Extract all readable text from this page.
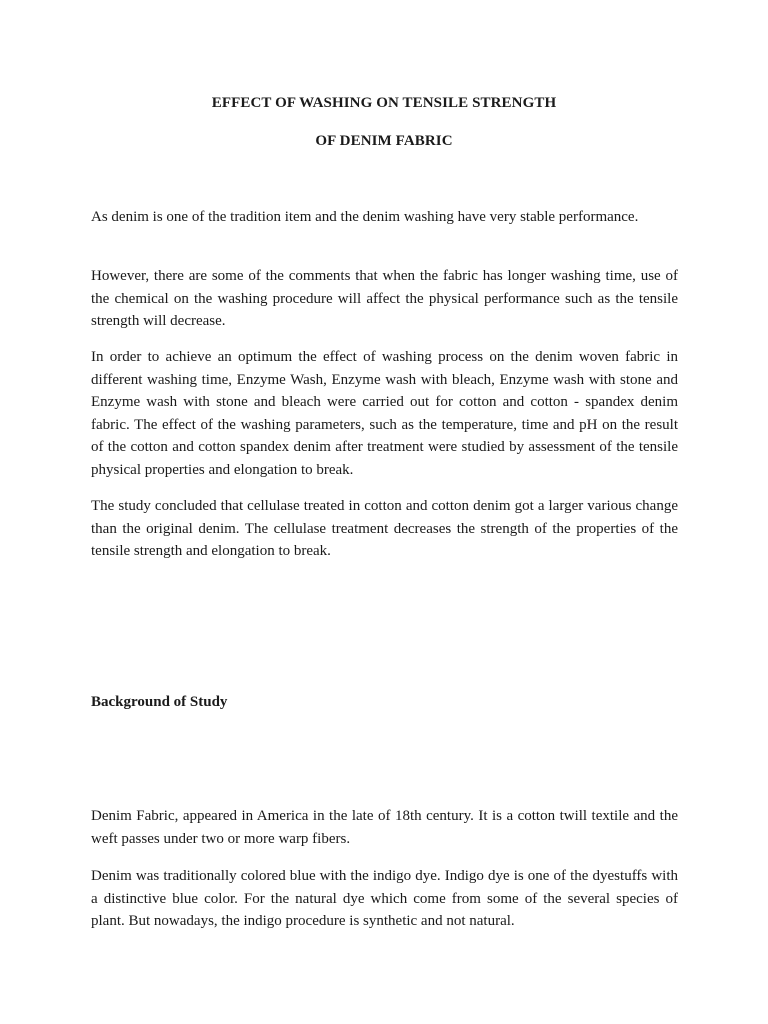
EFFECT OF WASHING ON TENSILE STRENGTH
OF DENIM FABRIC

As denim is one of the tradition item and the denim washing have very stable performance.

However, there are some of the comments that when the fabric has longer washing time, use of the chemical on the washing procedure will affect the physical performance such as the tensile strength will decrease.

In order to achieve an optimum the effect of washing process on the denim woven fabric in different washing time, Enzyme Wash, Enzyme wash with bleach, Enzyme wash with stone and Enzyme wash with stone and bleach were carried out for cotton and cotton - spandex denim fabric. The effect of the washing parameters, such as the temperature, time and pH on the result of the cotton and cotton spandex denim after treatment were studied by assessment of the tensile physical properties and elongation to break.

The study concluded that cellulase treated in cotton and cotton denim got a larger various change than the original denim. The cellulase treatment decreases the strength of the properties of the tensile strength and elongation to break.

Background of Study

Denim Fabric, appeared in America in the late of 18th century. It is a cotton twill textile and the weft passes under two or more warp fibers.

Denim was traditionally colored blue with the indigo dye. Indigo dye is one of the dyestuffs with a distinctive blue color. For the natural dye which come from some of the several species of plant. But nowadays, the indigo procedure is synthetic and not natural.
